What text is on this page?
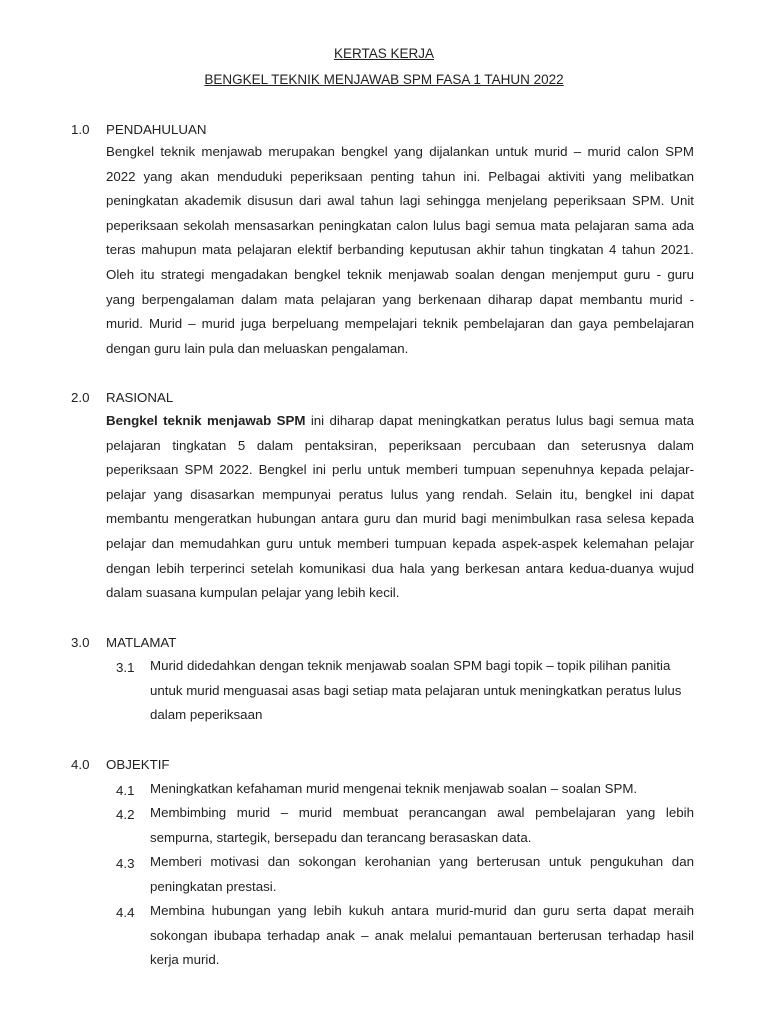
KERTAS KERJA
BENGKEL TEKNIK MENJAWAB SPM FASA 1 TAHUN 2022
1.0 PENDAHULUAN

Bengkel teknik menjawab merupakan bengkel yang dijalankan untuk murid – murid calon SPM 2022 yang akan menduduki peperiksaan penting tahun ini. Pelbagai aktiviti yang melibatkan peningkatan akademik disusun dari awal tahun lagi sehingga menjelang peperiksaan SPM. Unit peperiksaan sekolah mensasarkan peningkatan calon lulus bagi semua mata pelajaran sama ada teras mahupun mata pelajaran elektif berbanding keputusan akhir tahun tingkatan 4 tahun 2021. Oleh itu strategi mengadakan bengkel teknik menjawab soalan dengan menjemput guru - guru yang berpengalaman dalam mata pelajaran yang berkenaan diharap dapat membantu murid -murid. Murid – murid juga berpeluang mempelajari teknik pembelajaran dan gaya pembelajaran dengan guru lain pula dan meluaskan pengalaman.

2.0 RASIONAL

Bengkel teknik menjawab SPM ini diharap dapat meningkatkan peratus lulus bagi semua mata pelajaran tingkatan 5 dalam pentaksiran, peperiksaan percubaan dan seterusnya dalam peperiksaan SPM 2022. Bengkel ini perlu untuk memberi tumpuan sepenuhnya kepada pelajar-pelajar yang disasarkan mempunyai peratus lulus yang rendah. Selain itu, bengkel ini dapat membantu mengeratkan hubungan antara guru dan murid bagi menimbulkan rasa selesa kepada pelajar dan memudahkan guru untuk memberi tumpuan kepada aspek-aspek kelemahan pelajar dengan lebih terperinci setelah komunikasi dua hala yang berkesan antara kedua-duanya wujud dalam suasana kumpulan pelajar yang lebih kecil.

3.0 MATLAMAT
3.1 Murid didedahkan dengan teknik menjawab soalan SPM bagi topik – topik pilihan panitia untuk murid menguasai asas bagi setiap mata pelajaran untuk meningkatkan peratus lulus dalam peperiksaan

4.0 OBJEKTIF
4.1 Meningkatkan kefahaman murid mengenai teknik menjawab soalan – soalan SPM.

4.2 Membimbing murid – murid membuat perancangan awal pembelajaran yang lebih sempurna, startegik, bersepadu dan terancang berasaskan data.

4.3 Memberi motivasi dan sokongan kerohanian yang berterusan untuk pengukuhan dan peningkatan prestasi.

4.4 Membina hubungan yang lebih kukuh antara murid-murid dan guru serta dapat meraih sokongan ibubapa terhadap anak – anak melalui pemantauan berterusan terhadap hasil kerja murid.
